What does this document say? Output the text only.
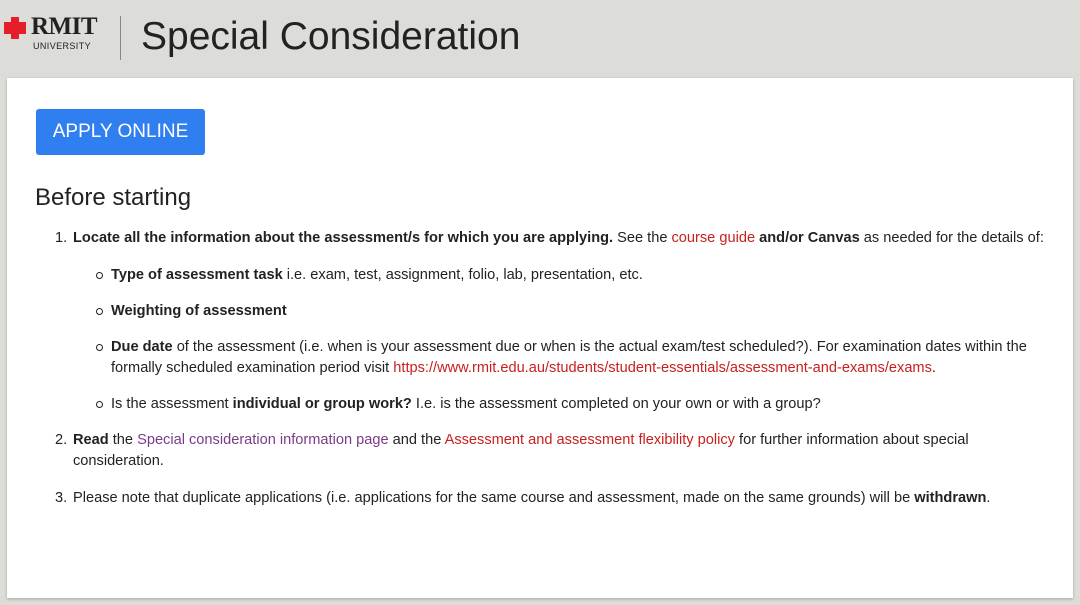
RMIT
UNIVERSITY Special Consideration
APPLY ONLINE
Before starting
1. Locate all the information about the assessment/s for which you are applying. See the course guide and/or Canvas as needed for the details of:

Type of assessment task i.e. exam, test, assignment, folio, lab, presentation, etc.

Weighting of assessment

Due date of the assessment (i.e. when is your assessment due or when is the actual exam/test scheduled?). For examination dates within the formally scheduled examination period visit https://www.rmit.edu.au/students/student-essentials/assessment-and-exams/exams.

Is the assessment individual or group work? I.e. is the assessment completed on your own or with a group?

2. Read the Special consideration information page and the Assessment and assessment flexibility policy for further information about special consideration.

3. Please note that duplicate applications (i.e. applications for the same course and assessment, made on the same grounds) will be withdrawn.
